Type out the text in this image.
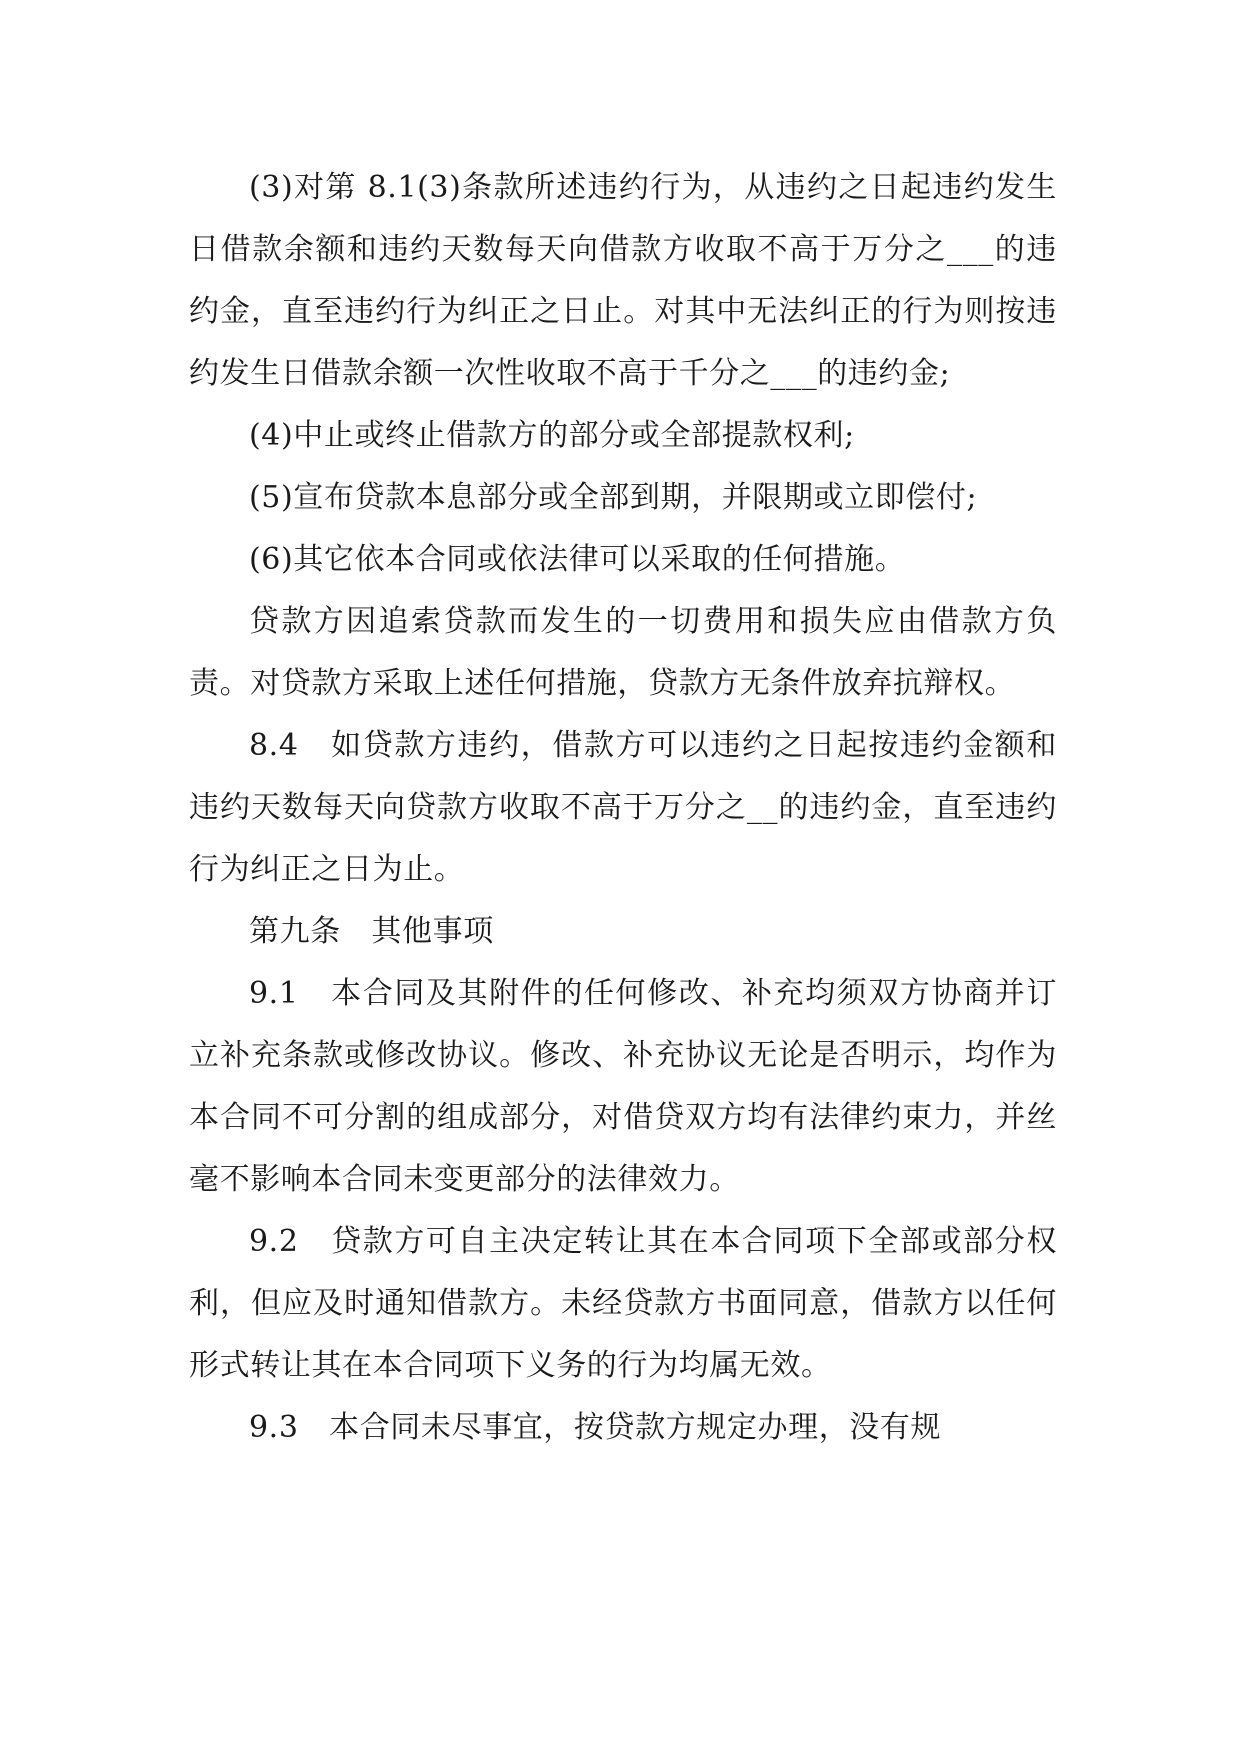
(3)对第 8.1(3)条款所述违约行为，从违约之日起违约发生日借款余额和违约天数每天向借款方收取不高于万分之___的违约金，直至违约行为纠正之日止。对其中无法纠正的行为则按违约发生日借款余额一次性收取不高于千分之___的违约金;

(4)中止或终止借款方的部分或全部提款权利;

(5)宣布贷款本息部分或全部到期，并限期或立即偿付;

(6)其它依本合同或依法律可以采取的任何措施。

贷款方因追索贷款而发生的一切费用和损失应由借款方负责。对贷款方采取上述任何措施，贷款方无条件放弃抗辩权。

8.4　如贷款方违约，借款方可以违约之日起按违约金额和违约天数每天向贷款方收取不高于万分之__的违约金，直至违约行为纠正之日为止。

第九条　其他事项

9.1　本合同及其附件的任何修改、补充均须双方协商并订立补充条款或修改协议。修改、补充协议无论是否明示，均作为本合同不可分割的组成部分，对借贷双方均有法律约束力，并丝毫不影响本合同未变更部分的法律效力。

9.2　贷款方可自主决定转让其在本合同项下全部或部分权利，但应及时通知借款方。未经贷款方书面同意，借款方以任何形式转让其在本合同项下义务的行为均属无效。

9.3　本合同未尽事宜，按贷款方规定办理，没有规
